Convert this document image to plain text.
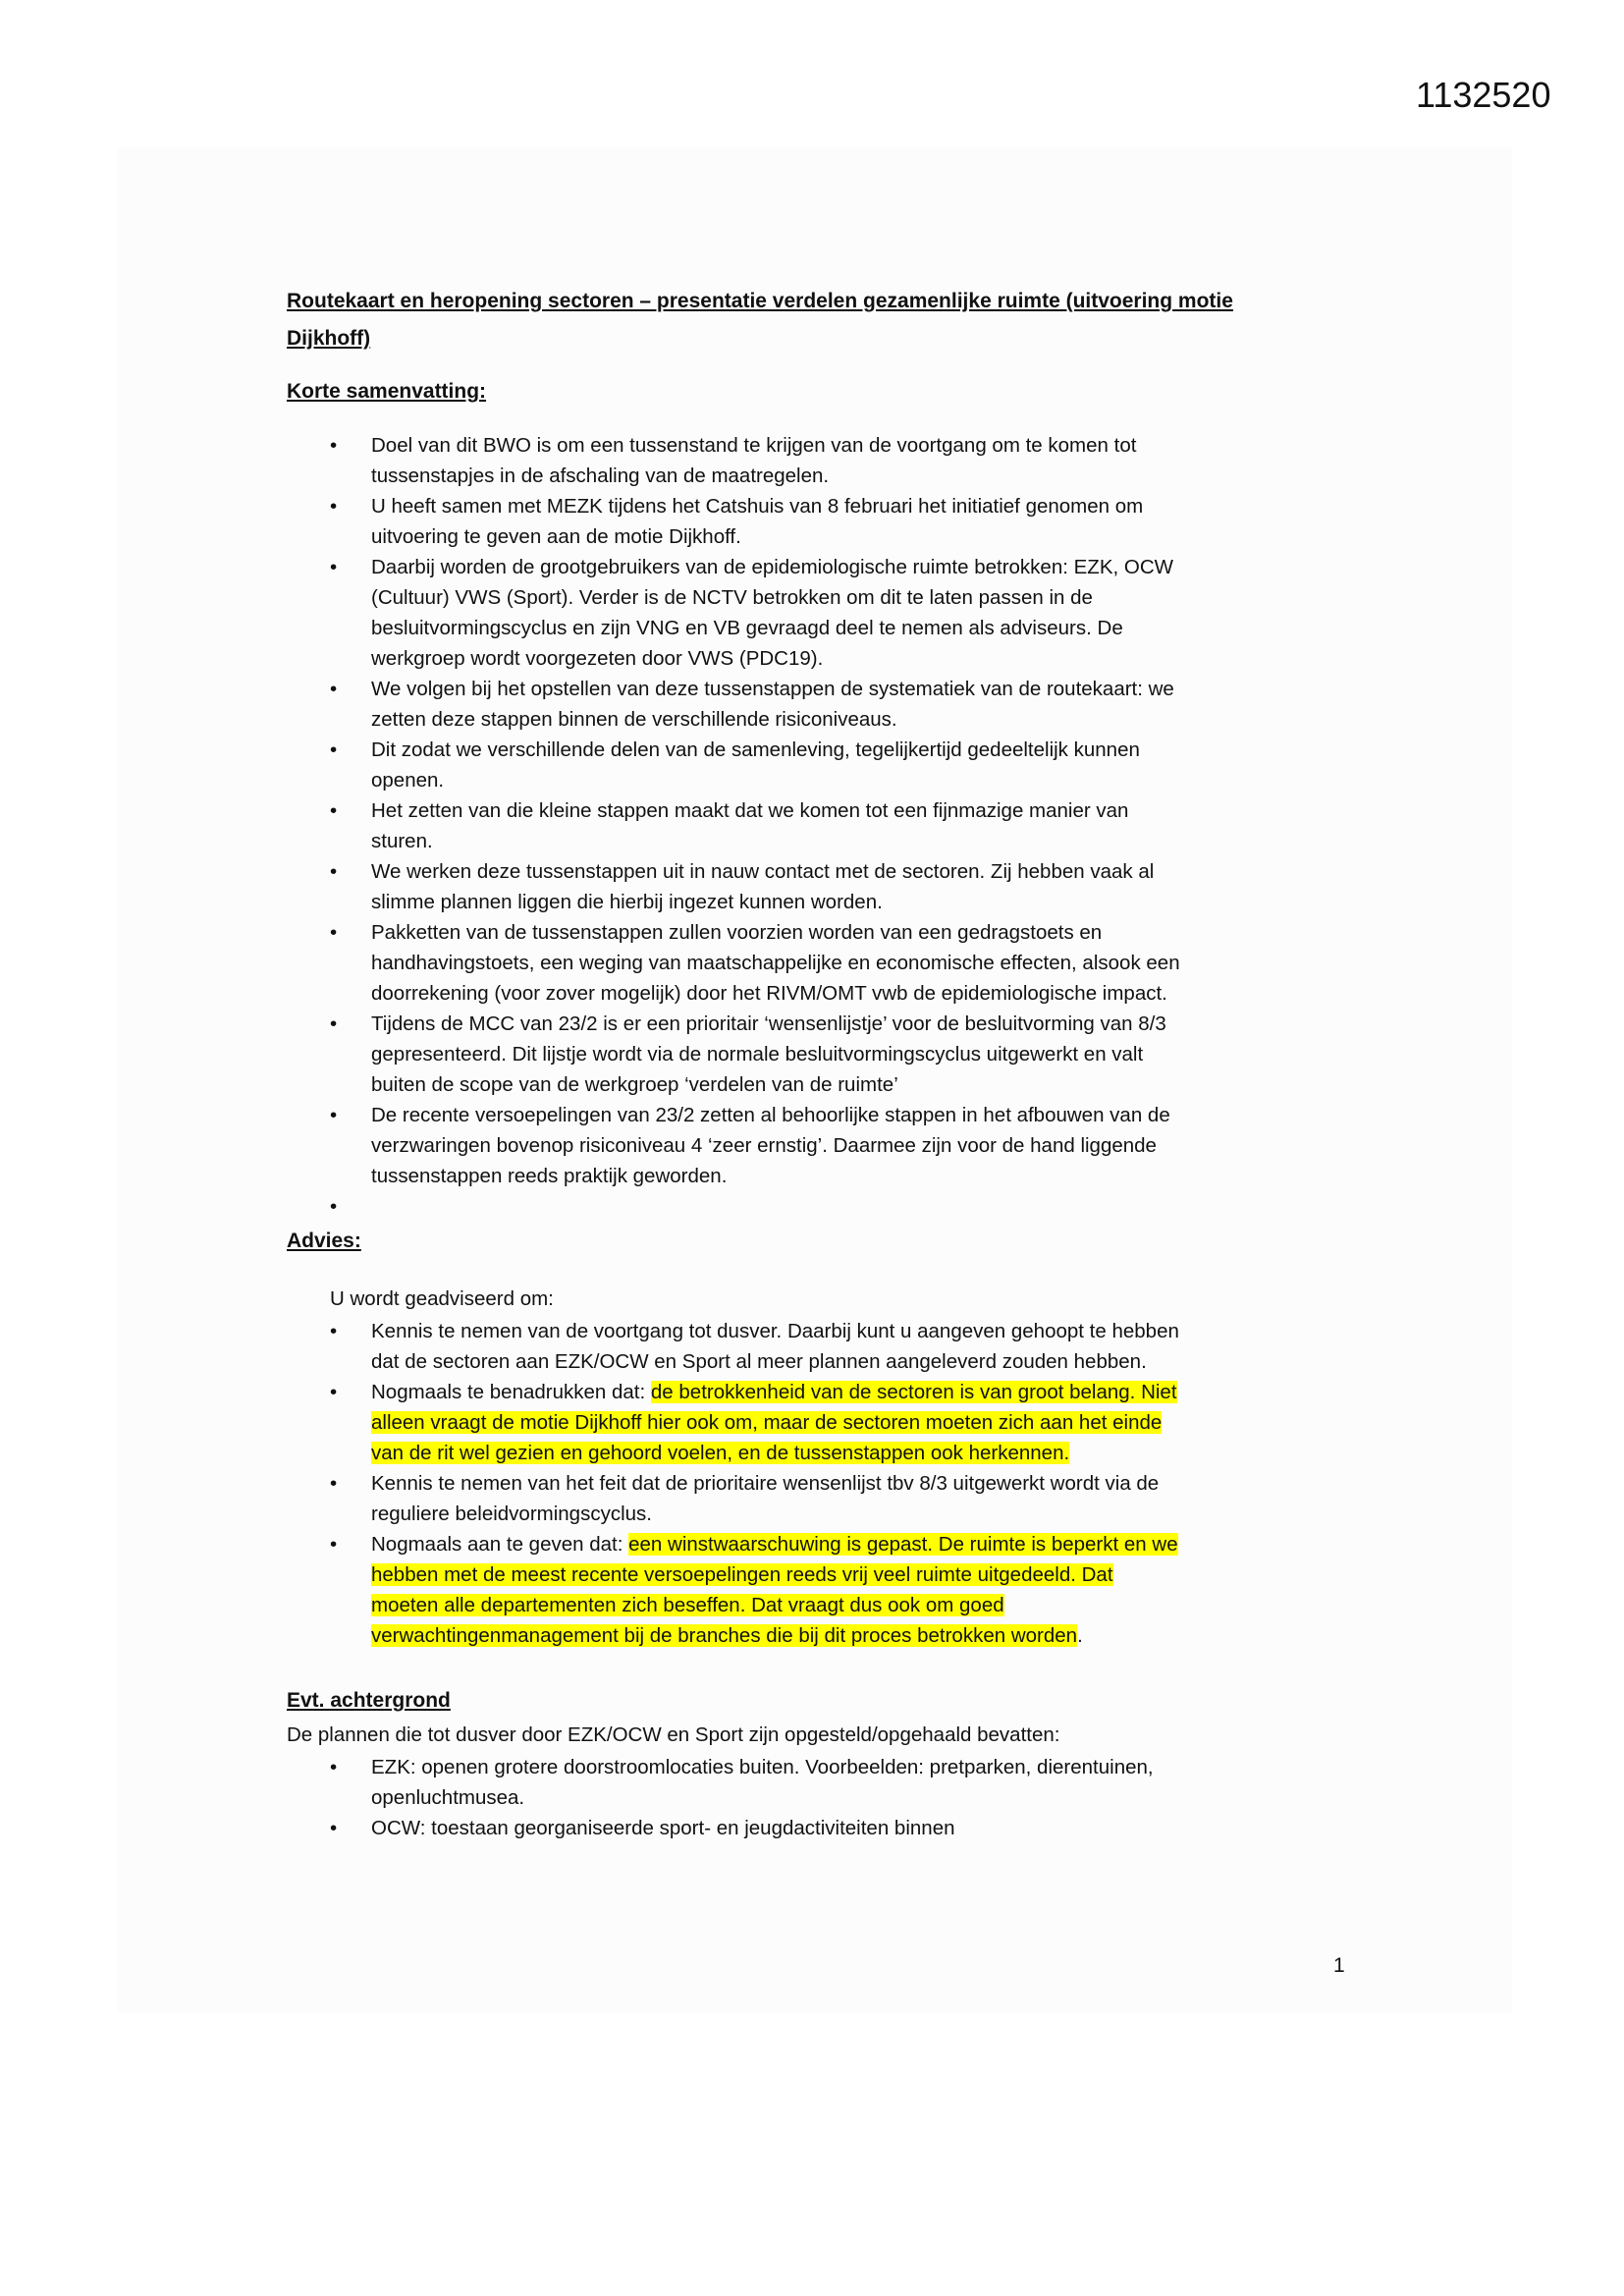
1132520
Routekaart en heropening sectoren – presentatie verdelen gezamenlijke ruimte (uitvoering motie
Dijkhoff)
Korte samenvatting:
• Doel van dit BWO is om een tussenstand te krijgen van de voortgang om te komen tot
tussenstapjes in de afschaling van de maatregelen.
• U heeft samen met MEZK tijdens het Catshuis van 8 februari het initiatief genomen om
uitvoering te geven aan de motie Dijkhoff.
• Daarbij worden de grootgebruikers van de epidemiologische ruimte betrokken: EZK, OCW
(Cultuur) VWS (Sport). Verder is de NCTV betrokken om dit te laten passen in de
besluitvormingscyclus en zijn VNG en VB gevraagd deel te nemen als adviseurs. De
werkgroep wordt voorgezeten door VWS (PDC19).
• We volgen bij het opstellen van deze tussenstappen de systematiek van de routekaart: we
zetten deze stappen binnen de verschillende risiconiveaus.
• Dit zodat we verschillende delen van de samenleving, tegelijkertijd gedeeltelijk kunnen
openen.
• Het zetten van die kleine stappen maakt dat we komen tot een fijnmazige manier van
sturen.
• We werken deze tussenstappen uit in nauw contact met de sectoren. Zij hebben vaak al
slimme plannen liggen die hierbij ingezet kunnen worden.
• Pakketten van de tussenstappen zullen voorzien worden van een gedragstoets en
handhavingstoets, een weging van maatschappelijke en economische effecten, alsook een
doorrekening (voor zover mogelijk) door het RIVM/OMT vwb de epidemiologische impact.
• Tijdens de MCC van 23/2 is er een prioritair ‘wensenlijstje’ voor de besluitvorming van 8/3
gepresenteerd. Dit lijstje wordt via de normale besluitvormingscyclus uitgewerkt en valt
buiten de scope van de werkgroep ‘verdelen van de ruimte’
• De recente versoepelingen van 23/2 zetten al behoorlijke stappen in het afbouwen van de
verzwaringen bovenop risiconiveau 4 ‘zeer ernstig’. Daarmee zijn voor de hand liggende
tussenstappen reeds praktijk geworden.
•

Advies:
U wordt geadviseerd om:
• Kennis te nemen van de voortgang tot dusver. Daarbij kunt u aangeven gehoopt te hebben
dat de sectoren aan EZK/OCW en Sport al meer plannen aangeleverd zouden hebben.
• Nogmaals te benadrukken dat: de betrokkenheid van de sectoren is van groot belang. Niet
alleen vraagt de motie Dijkhoff hier ook om, maar de sectoren moeten zich aan het einde
van de rit wel gezien en gehoord voelen, en de tussenstappen ook herkennen.
• Kennis te nemen van het feit dat de prioritaire wensenlijst tbv 8/3 uitgewerkt wordt via de
reguliere beleidvormingscyclus.
• Nogmaals aan te geven dat: een winstwaarschuwing is gepast. De ruimte is beperkt en we
hebben met de meest recente versoepelingen reeds vrij veel ruimte uitgedeeld. Dat
moeten alle departementen zich beseffen. Dat vraagt dus ook om goed
verwachtingenmanagement bij de branches die bij dit proces betrokken worden.
Evt. achtergrond
De plannen die tot dusver door EZK/OCW en Sport zijn opgesteld/opgehaald bevatten:
• EZK: openen grotere doorstroomlocaties buiten. Voorbeelden: pretparken, dierentuinen,
openluchtmusea.
• OCW: toestaan georganiseerde sport- en jeugdactiviteiten binnen
1
